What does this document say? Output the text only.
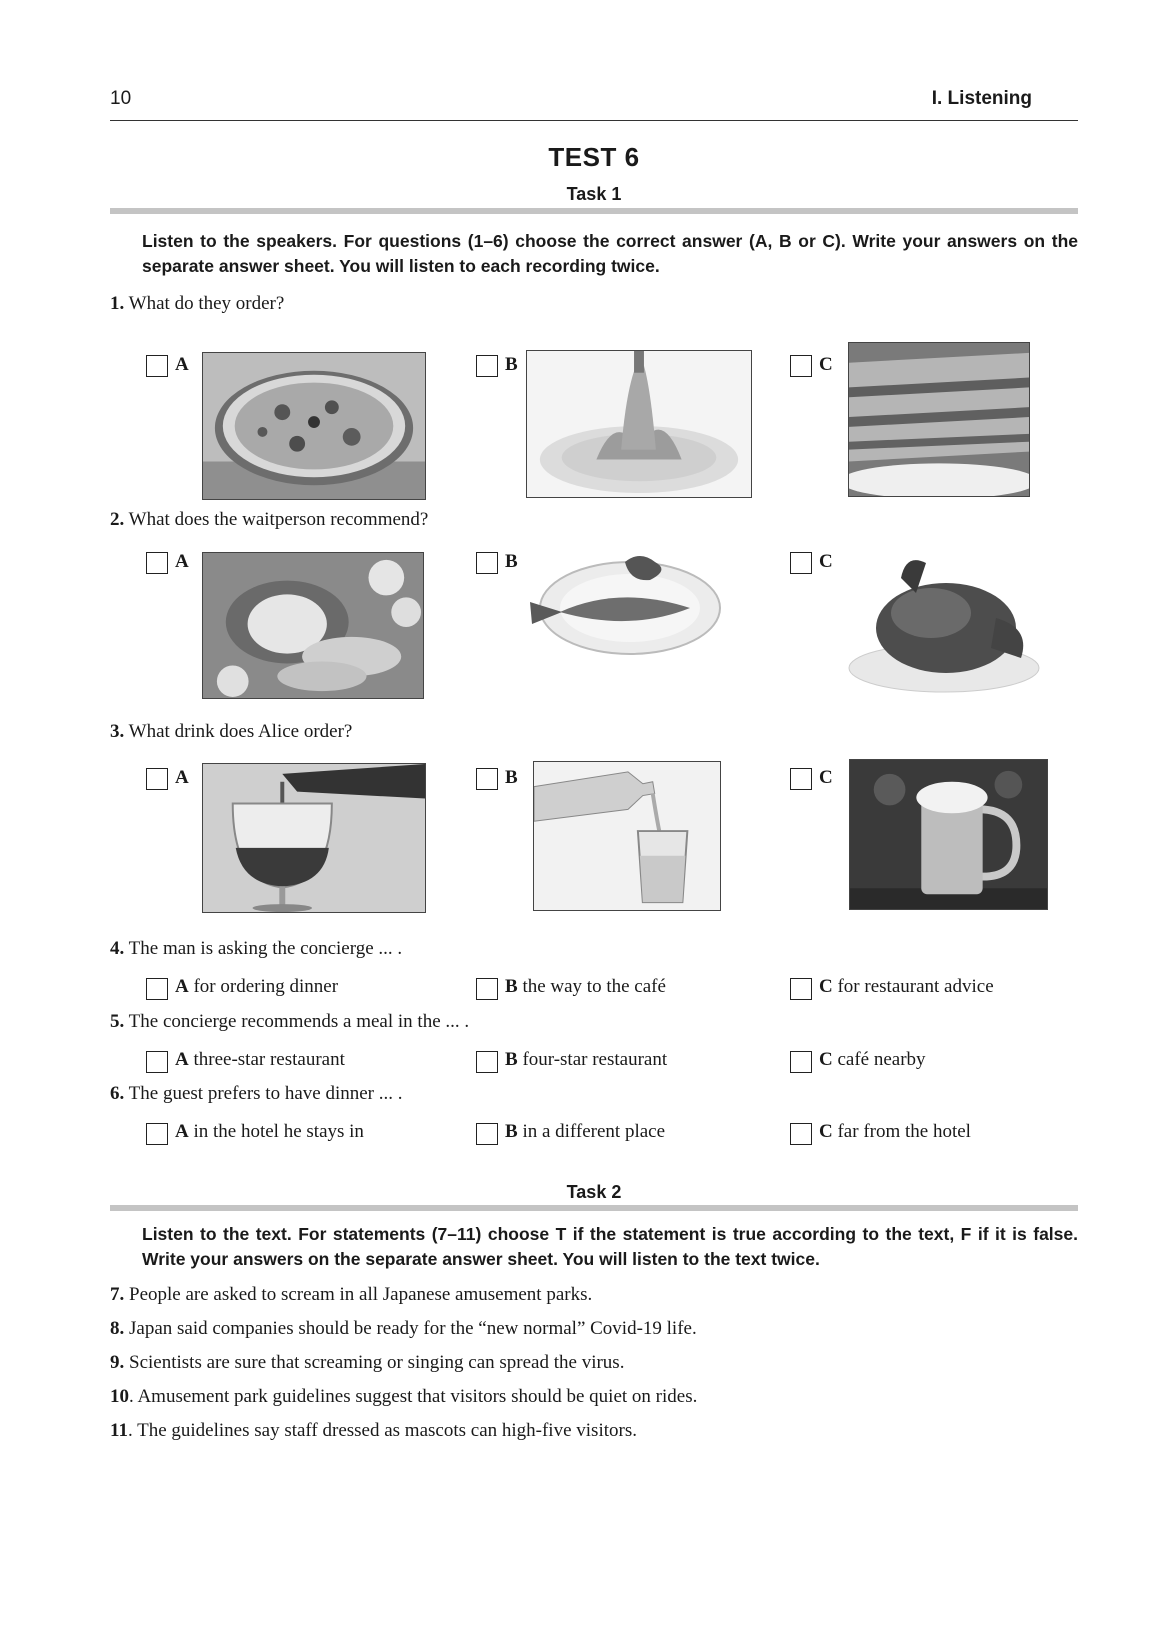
10	I. Listening
TEST 6
Task 1
Listen to the speakers. For questions (1–6) choose the correct answer (A, B or C). Write your answers on the separate answer sheet. You will listen to each recording twice.
1. What do they order?
A	B	C
2. What does the waitperson recommend?
A	B	C
3. What drink does Alice order?
A	B	C
4. The man is asking the concierge ... .
A for ordering dinner	B the way to the café	C for restaurant advice
5. The concierge recommends a meal in the ... .
A three-star restaurant	B four-star restaurant	C café nearby
6. The guest prefers to have dinner ... .
A in the hotel he stays in	B in a different place	C far from the hotel
Task 2
Listen to the text. For statements (7–11) choose T if the statement is true according to the text, F if it is false. Write your answers on the separate answer sheet. You will listen to the text twice.
7. People are asked to scream in all Japanese amusement parks.
8. Japan said companies should be ready for the “new normal” Covid-19 life.
9. Scientists are sure that screaming or singing can spread the virus.
10. Amusement park guidelines suggest that visitors should be quiet on rides.
11. The guidelines say staff dressed as mascots can high-five visitors.
